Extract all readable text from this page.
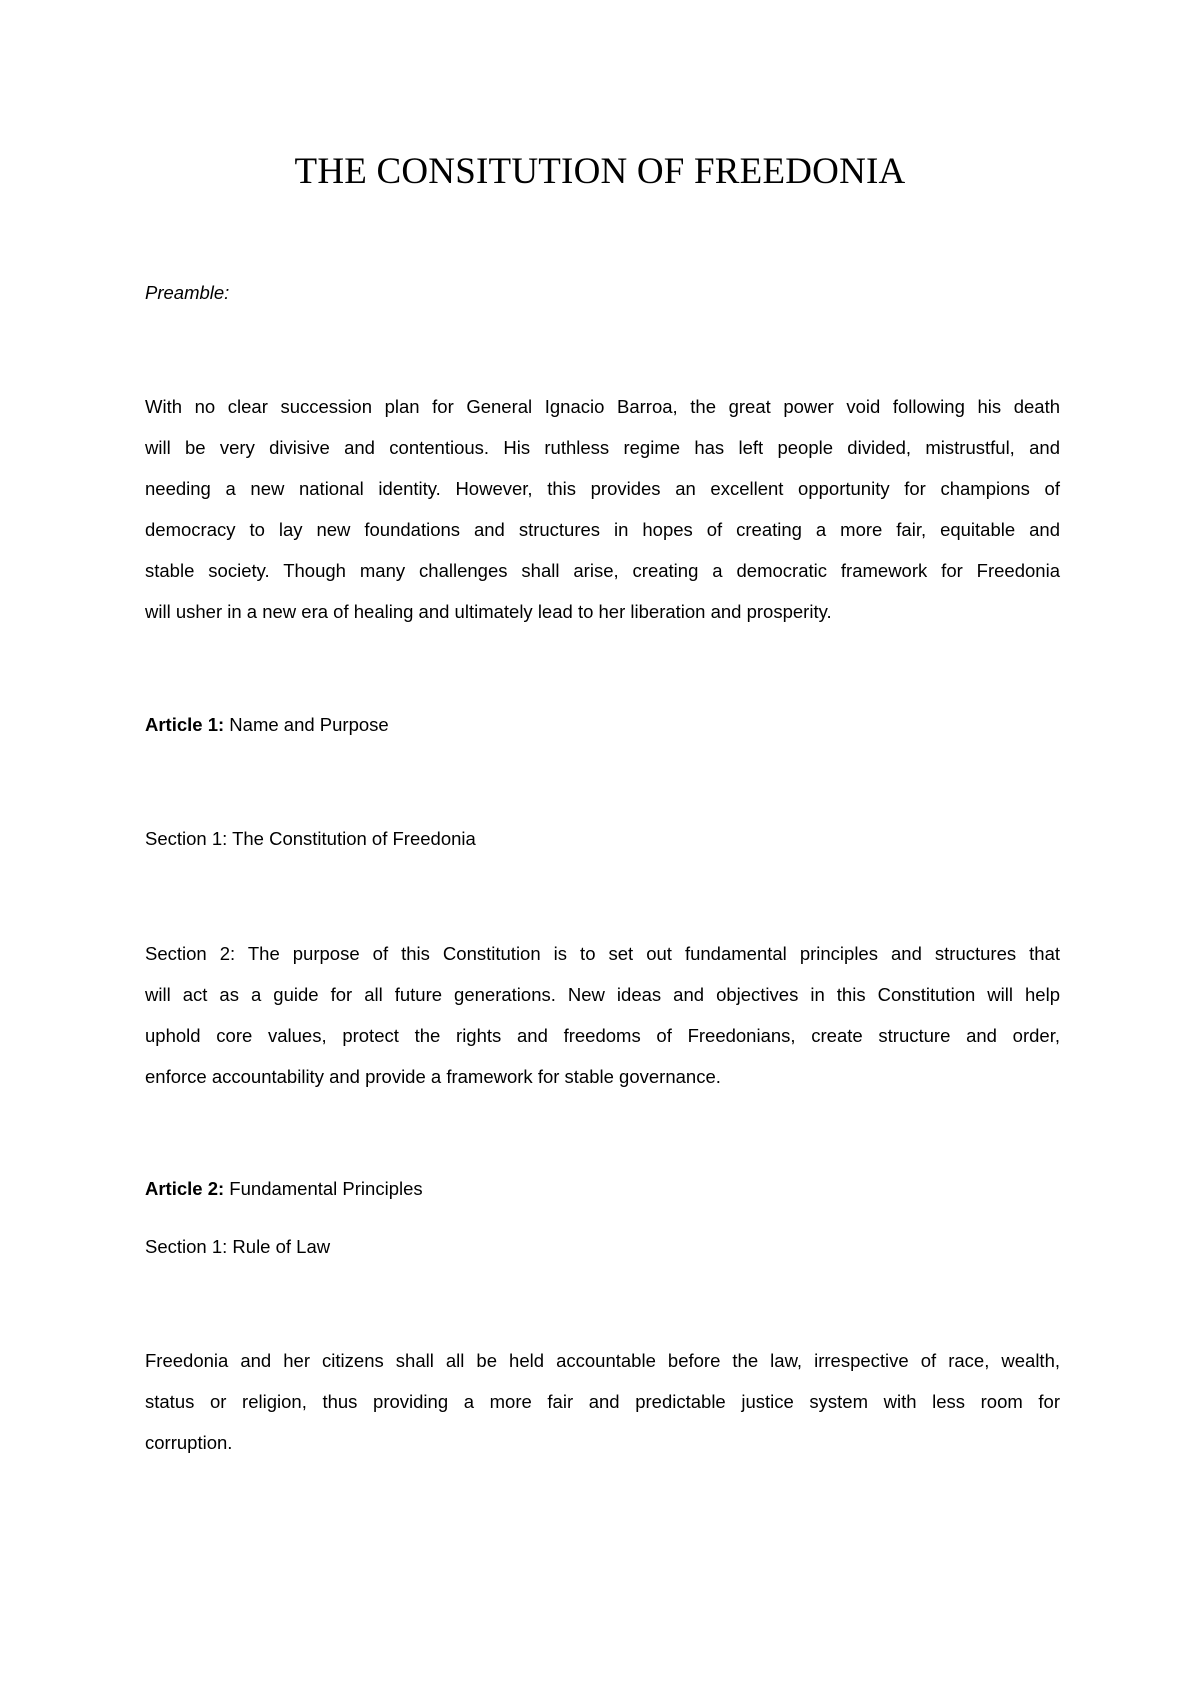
THE CONSITUTION OF FREEDONIA

Preamble:

With no clear succession plan for General Ignacio Barroa, the great power void following his death
will be very divisive and contentious. His ruthless regime has left people divided, mistrustful, and
needing a new national identity. However, this provides an excellent opportunity for champions of
democracy to lay new foundations and structures in hopes of creating a more fair, equitable and
stable society. Though many challenges shall arise, creating a democratic framework for Freedonia
will usher in a new era of healing and ultimately lead to her liberation and prosperity.

Article 1: Name and Purpose

Section 1: The Constitution of Freedonia

Section 2: The purpose of this Constitution is to set out fundamental principles and structures that
will act as a guide for all future generations. New ideas and objectives in this Constitution will help
uphold core values, protect the rights and freedoms of Freedonians, create structure and order,
enforce accountability and provide a framework for stable governance.

Article 2: Fundamental Principles

Section 1: Rule of Law

Freedonia and her citizens shall all be held accountable before the law, irrespective of race, wealth,
status or religion, thus providing a more fair and predictable justice system with less room for
corruption.
